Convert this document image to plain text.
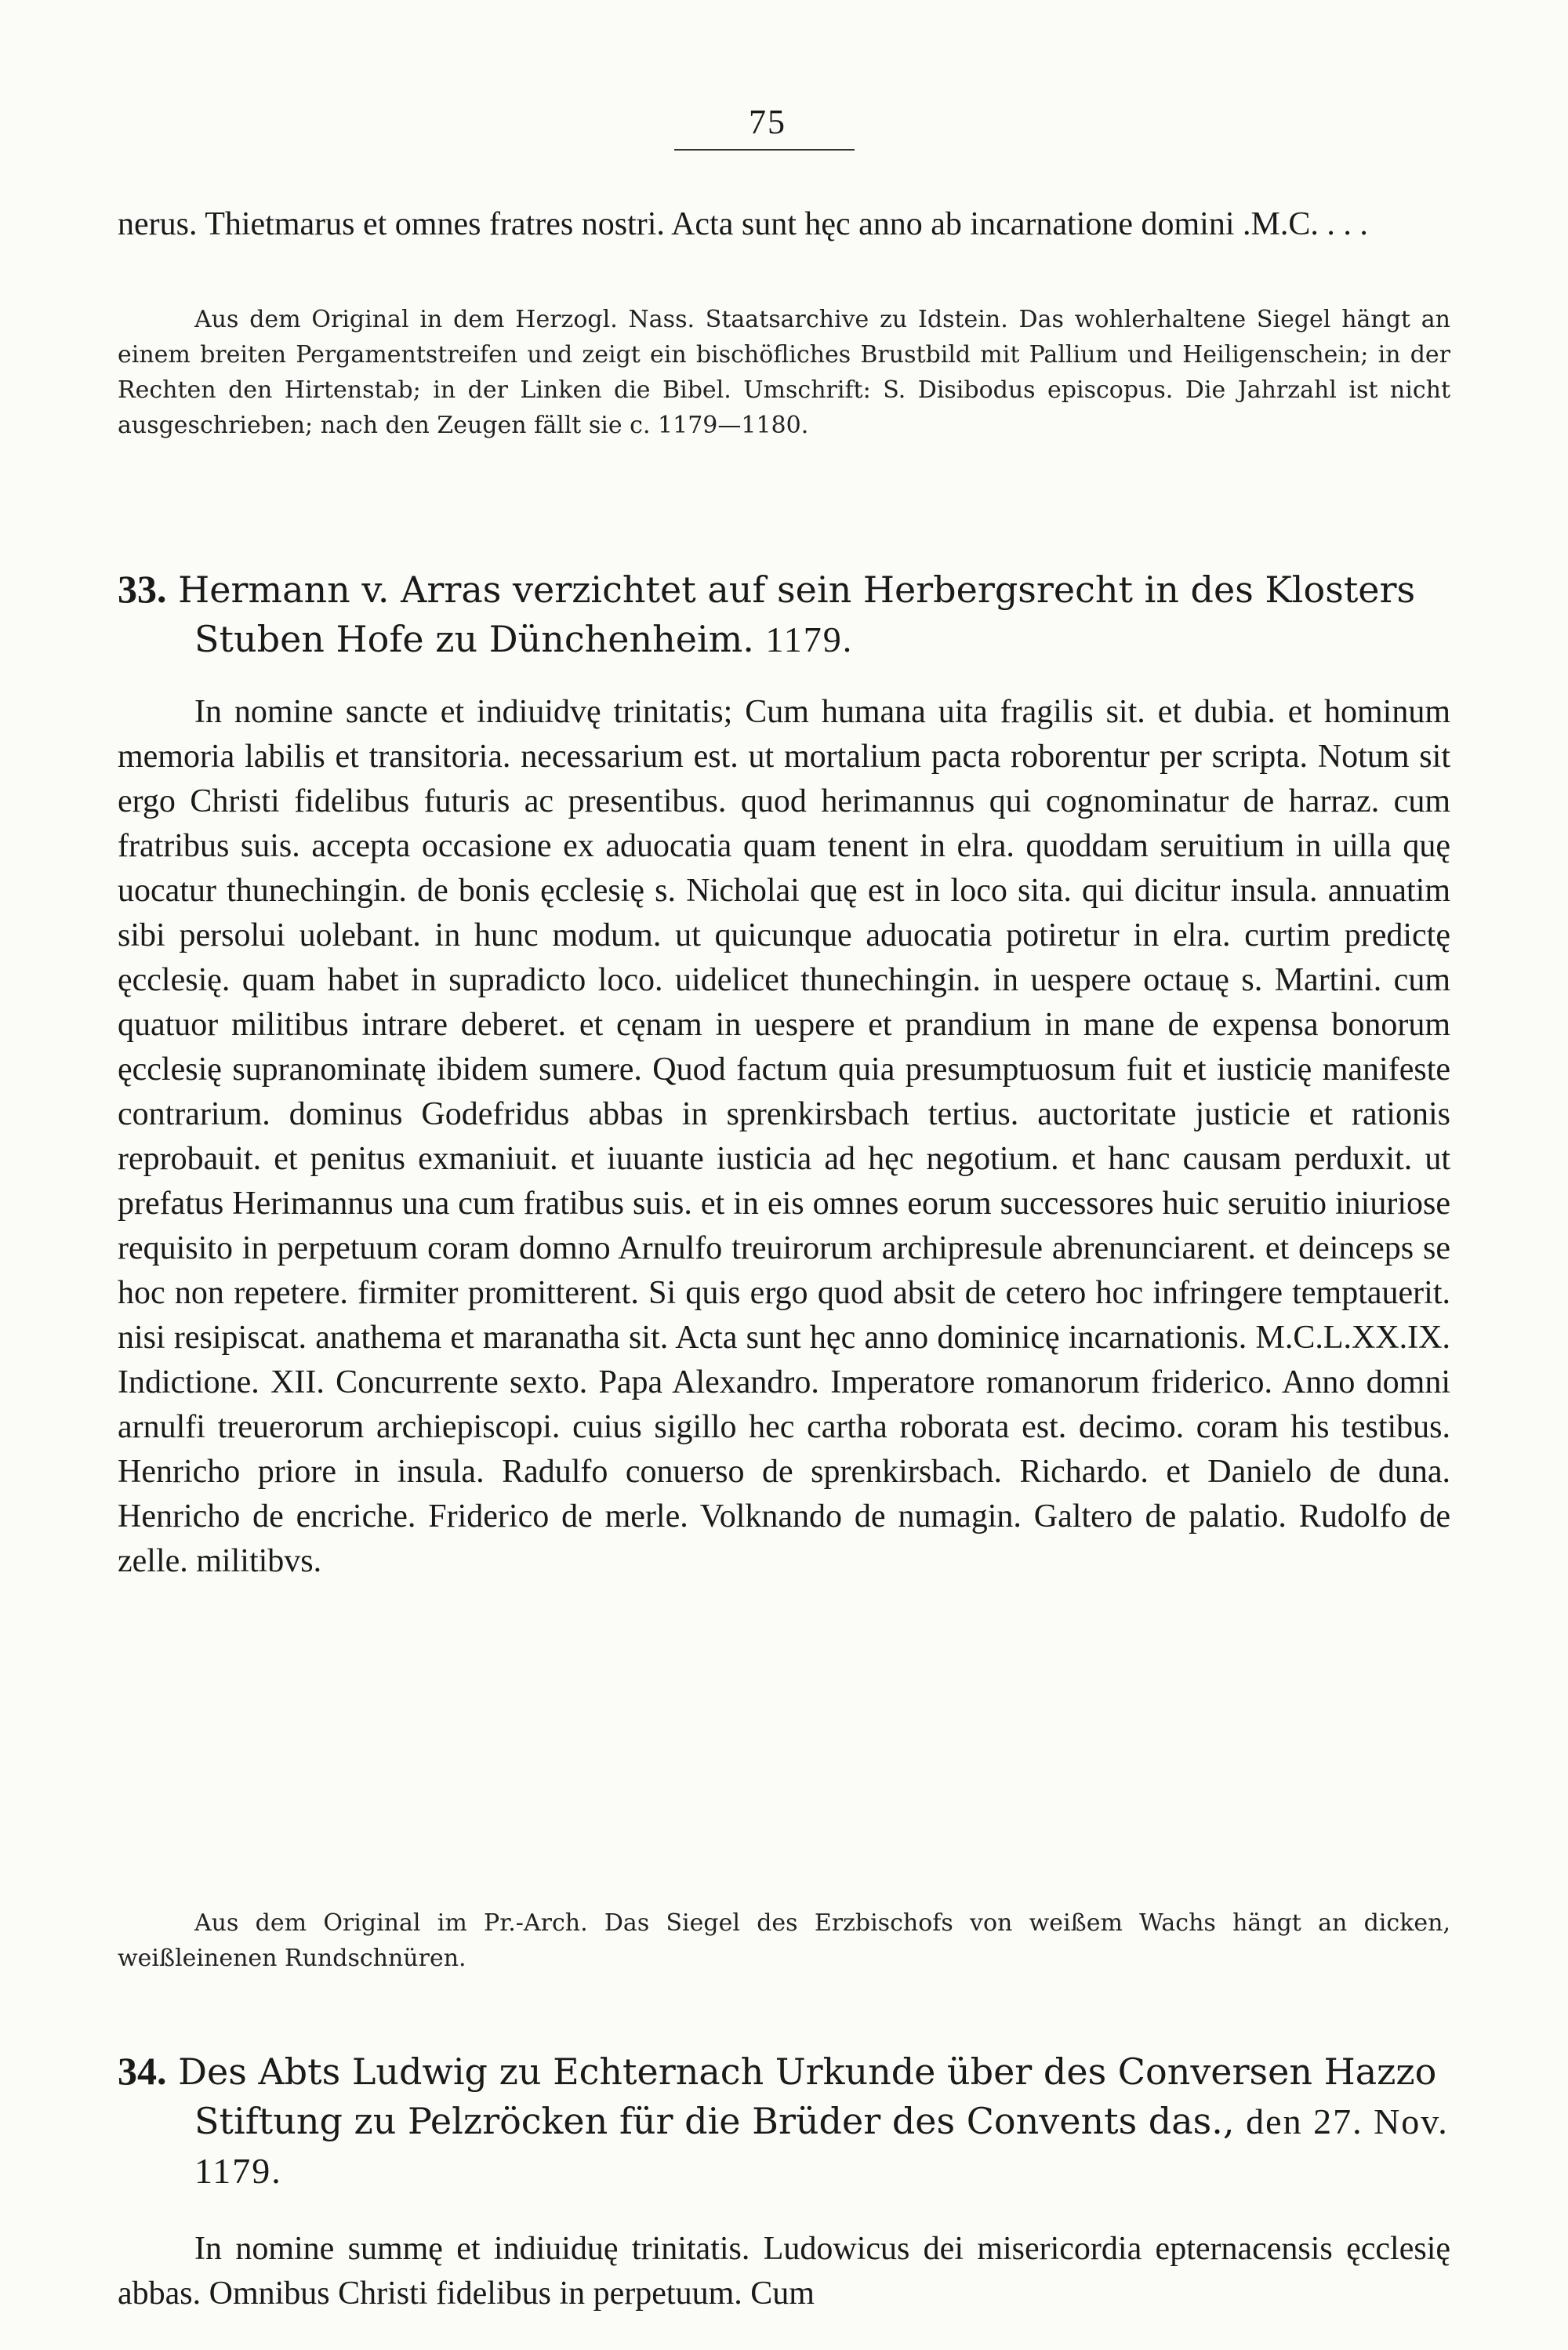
75

nerus. Thietmarus et omnes fratres nostri. Acta sunt hęc anno ab incarnatione domini .M.C. . . .

Aus dem Original in dem Herzogl. Nass. Staatsarchive zu Idstein. Das wohlerhaltene Siegel hängt an einem breiten Pergamentstreifen und zeigt ein bischöfliches Brustbild mit Pallium und Heiligenschein; in der Rechten den Hirtenstab; in der Linken die Bibel. Umschrift: S. Disibodus episcopus. Die Jahrzahl ist nicht ausgeschrieben; nach den Zeugen fällt sie c. 1179—1180.

33. Hermann v. Arras verzichtet auf sein Herbergsrecht in des Klosters Stuben Hofe zu Dünchenheim. 1179.

In nomine sancte et indiuidvę trinitatis; Cum humana uita fragilis sit. et dubia. et hominum memoria labilis et transitoria. necessarium est. ut mortalium pacta roborentur per scripta. Notum sit ergo Christi fidelibus futuris ac presentibus. quod herimannus qui cognominatur de harraz. cum fratribus suis. accepta occasione ex aduocatia quam tenent in elra. quoddam seruitium in uilla quę uocatur thunechingin. de bonis ęcclesię s. Nicholai quę est in loco sita. qui dicitur insula. annuatim sibi persolui uolebant. in hunc modum. ut quicunque aduocatia potiretur in elra. curtim predictę ęcclesię. quam habet in supradicto loco. uidelicet thunechingin. in uespere octauę s. Martini. cum quatuor militibus intrare deberet. et cęnam in uespere et prandium in mane de expensa bonorum ęcclesię supranominatę ibidem sumere. Quod factum quia presumptuosum fuit et iusticię manifeste contrarium. dominus Godefridus abbas in sprenkirsbach tertius. auctoritate justicie et rationis reprobauit. et penitus exmaniuit. et iuuante iusticia ad hęc negotium. et hanc causam perduxit. ut prefatus Herimannus una cum fratibus suis. et in eis omnes eorum successores huic seruitio iniuriose requisito in perpetuum coram domno Arnulfo treuirorum archipresule abrenunciarent. et deinceps se hoc non repetere. firmiter promitterent. Si quis ergo quod absit de cetero hoc infringere temptauerit. nisi resipiscat. anathema et maranatha sit. Acta sunt hęc anno dominicę incarnationis. M.C.L.XX.IX. Indictione. XII. Concurrente sexto. Papa Alexandro. Imperatore romanorum friderico. Anno domni arnulfi treuerorum archiepiscopi. cuius sigillo hec cartha roborata est. decimo. coram his testibus. Henricho priore in insula. Radulfo conuerso de sprenkirsbach. Richardo. et Danielo de duna. Henricho de encriche. Friderico de merle. Volknando de numagin. Galtero de palatio. Rudolfo de zelle. militibvs.

Aus dem Original im Pr.-Arch. Das Siegel des Erzbischofs von weißem Wachs hängt an dicken, weißleinenen Rundschnüren.

34. Des Abts Ludwig zu Echternach Urkunde über des Conversen Hazzo Stiftung zu Pelzröcken für die Brüder des Convents das., den 27. Nov. 1179.

In nomine summę et indiuiduę trinitatis. Ludowicus dei misericordia epternacensis ęcclesię abbas. Omnibus Christi fidelibus in perpetuum. Cum
